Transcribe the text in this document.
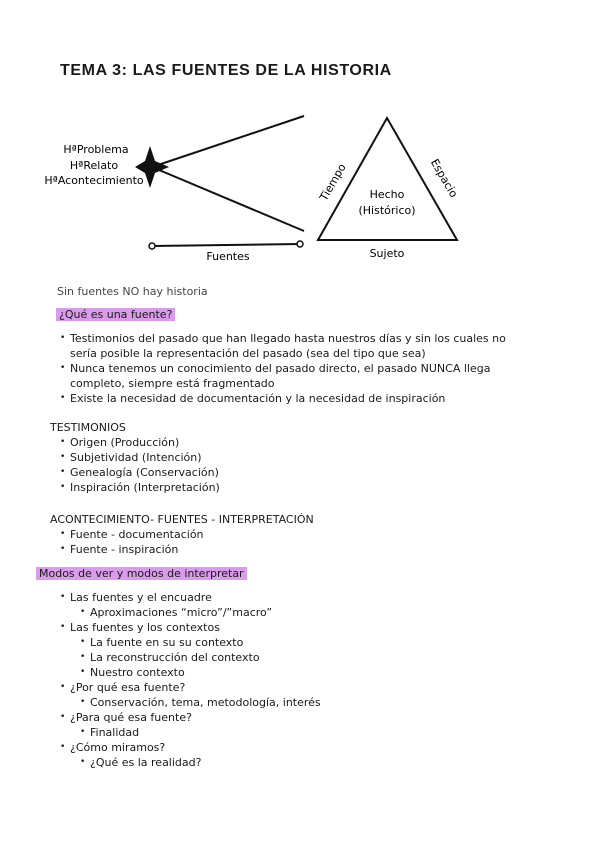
TEMA 3: LAS FUENTES DE LA HISTORIA
Tiempo	Espacio
Hecho
(Histórico)
Sujeto
Fuentes
HªProblema
HªRelato
HªAcontecimiento
Sin fuentes NO hay historia
¿Qué es una fuente?
• Testimonios del pasado que han llegado hasta nuestros días y sin los cuales no
sería posible la representación del pasado (sea del tipo que sea)
• Nunca tenemos un conocimiento del pasado directo, el pasado NUNCA llega
completo, siempre está fragmentado
• Existe la necesidad de documentación y la necesidad de inspiración
TESTIMONIOS
• Origen (Producción)
• Subjetividad (Intención)
• Genealogía (Conservación)
• Inspiración (Interpretación)
ACONTECIMIENTO- FUENTES - INTERPRETACIÓN
• Fuente - documentación
• Fuente - inspiración
Modos de ver y modos de interpretar
• Las fuentes y el encuadre
• Aproximaciones “micro”/”macro”
• Las fuentes y los contextos
• La fuente en su su contexto
• La reconstrucción del contexto
• Nuestro contexto
• ¿Por qué esa fuente?
• Conservación, tema, metodología, interés
• ¿Para qué esa fuente?
• Finalidad
• ¿Cómo miramos?
• ¿Qué es la realidad?
